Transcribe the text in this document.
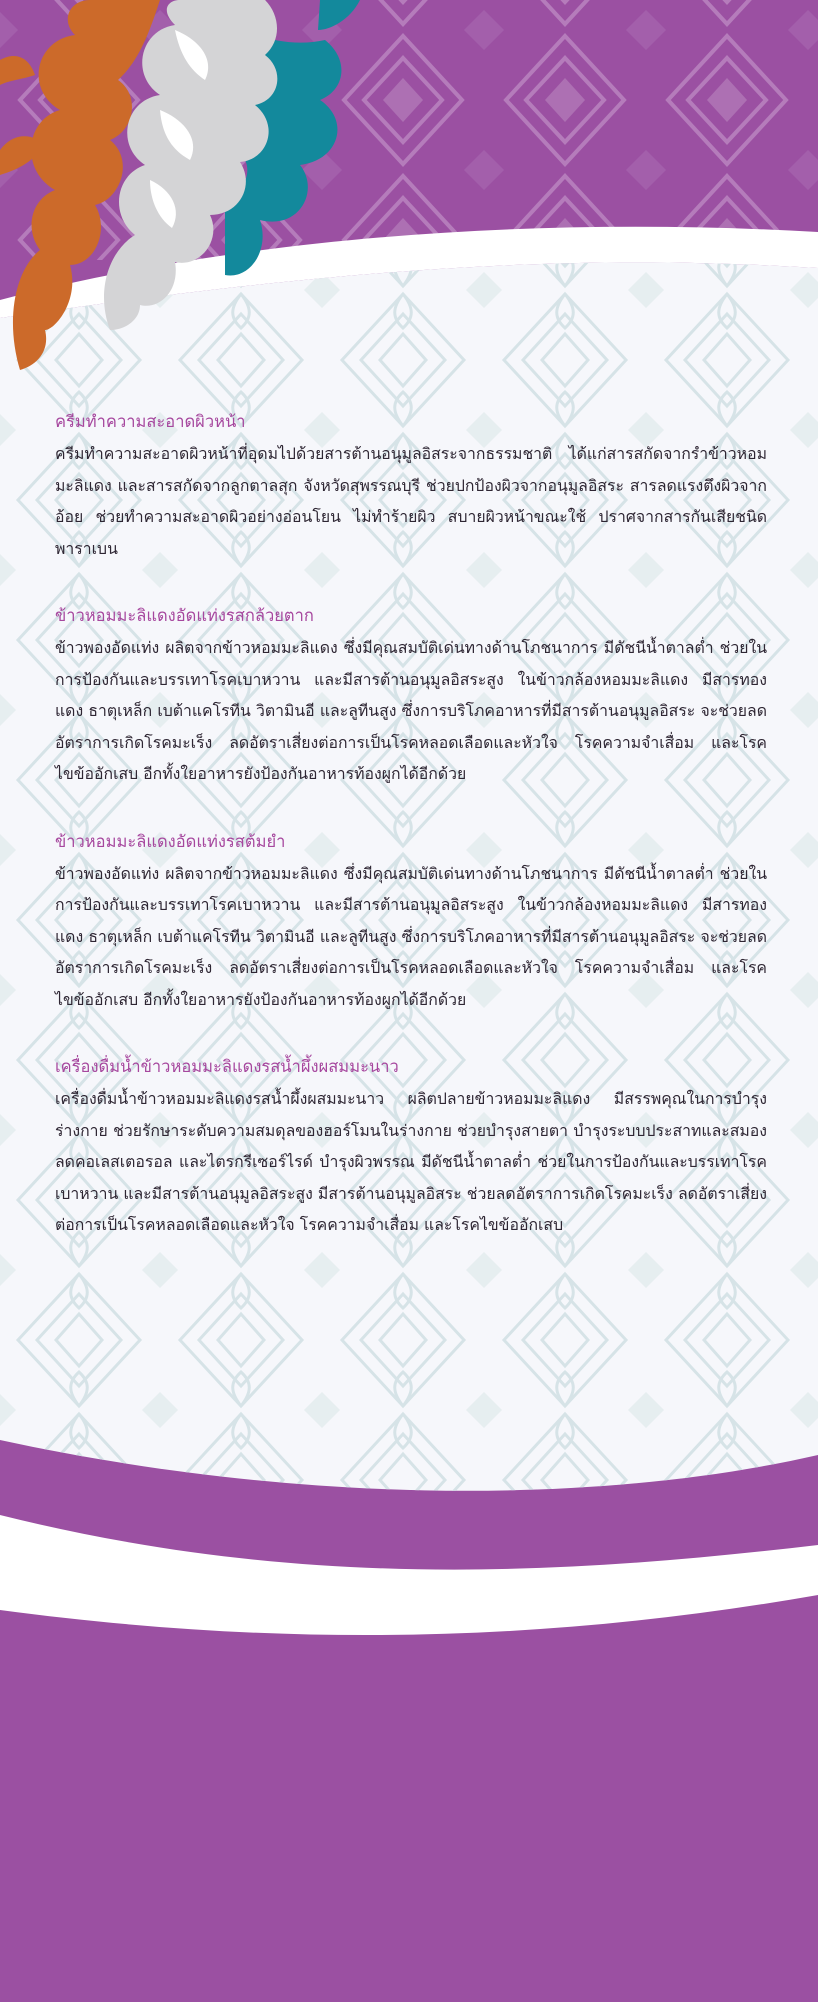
ครีมทำความสะอาดผิวหน้า

ครีมทำความสะอาดผิวหน้าที่อุดมไปด้วยสารต้านอนุมูลอิสระจากธรรมชาติ ได้แก่สารสกัดจากรำข้าวหอมมะลิแดง และสารสกัดจากลูกตาลสุก จังหวัดสุพรรณบุรี ช่วยปกป้องผิวจากอนุมูลอิสระ สารลดแรงตึงผิวจากอ้อย ช่วยทำความสะอาดผิวอย่างอ่อนโยน ไม่ทำร้ายผิว สบายผิวหน้าขณะใช้ ปราศจากสารกันเสียชนิดพาราเบน

ข้าวหอมมะลิแดงอัดแท่งรสกล้วยตาก

ข้าวพองอัดแท่ง ผลิตจากข้าวหอมมะลิแดง ซึ่งมีคุณสมบัติเด่นทางด้านโภชนาการ มีดัชนีน้ำตาลต่ำ ช่วยในการป้องกันและบรรเทาโรคเบาหวาน และมีสารต้านอนุมูลอิสระสูง ในข้าวกล้องหอมมะลิแดง มีสารทองแดง ธาตุเหล็ก เบต้าแคโรทีน วิตามินอี และลูทีนสูง ซึ่งการบริโภคอาหารที่มีสารต้านอนุมูลอิสระ จะช่วยลดอัตราการเกิดโรคมะเร็ง ลดอัตราเสี่ยงต่อการเป็นโรคหลอดเลือดและหัวใจ โรคความจำเสื่อม และโรคไขข้ออักเสบ อีกทั้งใยอาหารยังป้องกันอาหารท้องผูกได้อีกด้วย

ข้าวหอมมะลิแดงอัดแท่งรสต้มยำ

ข้าวพองอัดแท่ง ผลิตจากข้าวหอมมะลิแดง ซึ่งมีคุณสมบัติเด่นทางด้านโภชนาการ มีดัชนีน้ำตาลต่ำ ช่วยในการป้องกันและบรรเทาโรคเบาหวาน และมีสารต้านอนุมูลอิสระสูง ในข้าวกล้องหอมมะลิแดง มีสารทองแดง ธาตุเหล็ก เบต้าแคโรทีน วิตามินอี และลูทีนสูง ซึ่งการบริโภคอาหารที่มีสารต้านอนุมูลอิสระ จะช่วยลดอัตราการเกิดโรคมะเร็ง ลดอัตราเสี่ยงต่อการเป็นโรคหลอดเลือดและหัวใจ โรคความจำเสื่อม และโรคไขข้ออักเสบ อีกทั้งใยอาหารยังป้องกันอาหารท้องผูกได้อีกด้วย

เครื่องดื่มน้ำข้าวหอมมะลิแดงรสน้ำผึ้งผสมมะนาว

เครื่องดื่มน้ำข้าวหอมมะลิแดงรสน้ำผึ้งผสมมะนาว ผลิตปลายข้าวหอมมะลิแดง มีสรรพคุณในการบำรุงร่างกาย ช่วยรักษาระดับความสมดุลของฮอร์โมนในร่างกาย ช่วยบำรุงสายตา บำรุงระบบประสาทและสมอง ลดคอเลสเตอรอล และไตรกรีเซอร์ไรด์ บำรุงผิวพรรณ มีดัชนีน้ำตาลต่ำ ช่วยในการป้องกันและบรรเทาโรคเบาหวาน และมีสารต้านอนุมูลอิสระสูง มีสารต้านอนุมูลอิสระ ช่วยลดอัตราการเกิดโรคมะเร็ง ลดอัตราเสี่ยงต่อการเป็นโรคหลอดเลือดและหัวใจ โรคความจำเสื่อม และโรคไขข้ออักเสบ
